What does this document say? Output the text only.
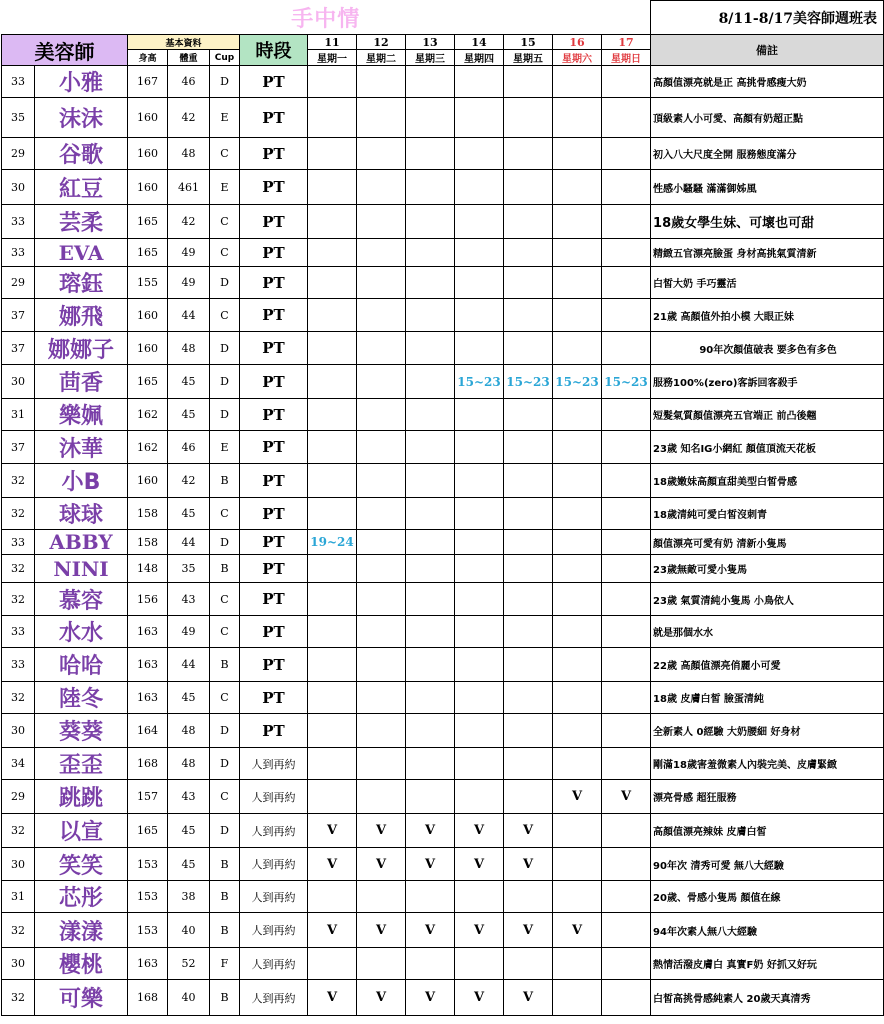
手中情													8/11-8/17美容師週班表
美容師		基本資料			時段	11	12	13	14	15	16	17	備註
		身高	體重	Cup		星期一	星期二	星期三	星期四	星期五	星期六	星期日	
33	小雅	167	46	D	PT								高顏值漂亮就是正 高挑骨感瘦大奶
35	沫沫	160	42	E	PT								頂級素人小可愛、高顏有奶超正點
29	谷歌	160	48	C	PT								初入八大尺度全開 服務態度滿分
30	紅豆	160	461	E	PT								性感小騷騷 滿滿御姊風
33	芸柔	165	42	C	PT								18歲女學生妹、可壞也可甜
33	EVA	165	49	C	PT								精緻五官漂亮臉蛋 身材高挑氣質清新
29	瑢鈺	155	49	D	PT								白皙大奶 手巧靈活
37	娜飛	160	44	C	PT								21歲 高顏值外拍小模 大眼正妹
37	娜娜子	160	48	D	PT								90年次顏值破表 要多色有多色
30	茴香	165	45	D	PT				15~23	15~23	15~23	15~23	服務100%(zero)客訴回客殺手
31	樂姵	162	45	D	PT								短髮氣質顏值漂亮五官端正 前凸後翹
37	沐華	162	46	E	PT								23歲 知名IG小網紅 顏值頂流天花板
32	小B	160	42	B	PT								18歲嫩妹高顏直甜美型白皙骨感
32	球球	158	45	C	PT								18歲清純可愛白皙沒刺青
33	ABBY	158	44	D	PT	19~24							顏值漂亮可愛有奶 清新小隻馬
32	NINI	148	35	B	PT								23歲無敵可愛小隻馬
32	慕容	156	43	C	PT								23歲 氣質清純小隻馬 小鳥依人
33	水水	163	49	C	PT								就是那個水水
33	哈哈	163	44	B	PT								22歲 高顏值漂亮俏麗小可愛
32	陸冬	163	45	C	PT								18歲 皮膚白皙 臉蛋清純
30	葵葵	164	48	D	PT								全新素人 0經驗 大奶腰細 好身材
34	歪歪	168	48	D	人到再約								剛滿18歲害羞微素人內裝完美、皮膚緊緻
29	跳跳	157	43	C	人到再約						V	V	漂亮骨感 超狂服務
32	以宣	165	45	D	人到再約	V	V	V	V	V			高顏值漂亮辣妹 皮膚白皙
30	笑笑	153	45	B	人到再約	V	V	V	V	V			90年次 清秀可愛 無八大經驗
31	芯彤	153	38	B	人到再約								20歲、骨感小隻馬 顏值在線
32	漾漾	153	40	B	人到再約	V	V	V	V	V	V		94年次素人無八大經驗
30	櫻桃	163	52	F	人到再約								熱情活潑皮膚白 真實F奶 好抓又好玩
32	可樂	168	40	B	人到再約	V	V	V	V	V			白皙高挑骨感純素人 20歲天真清秀
